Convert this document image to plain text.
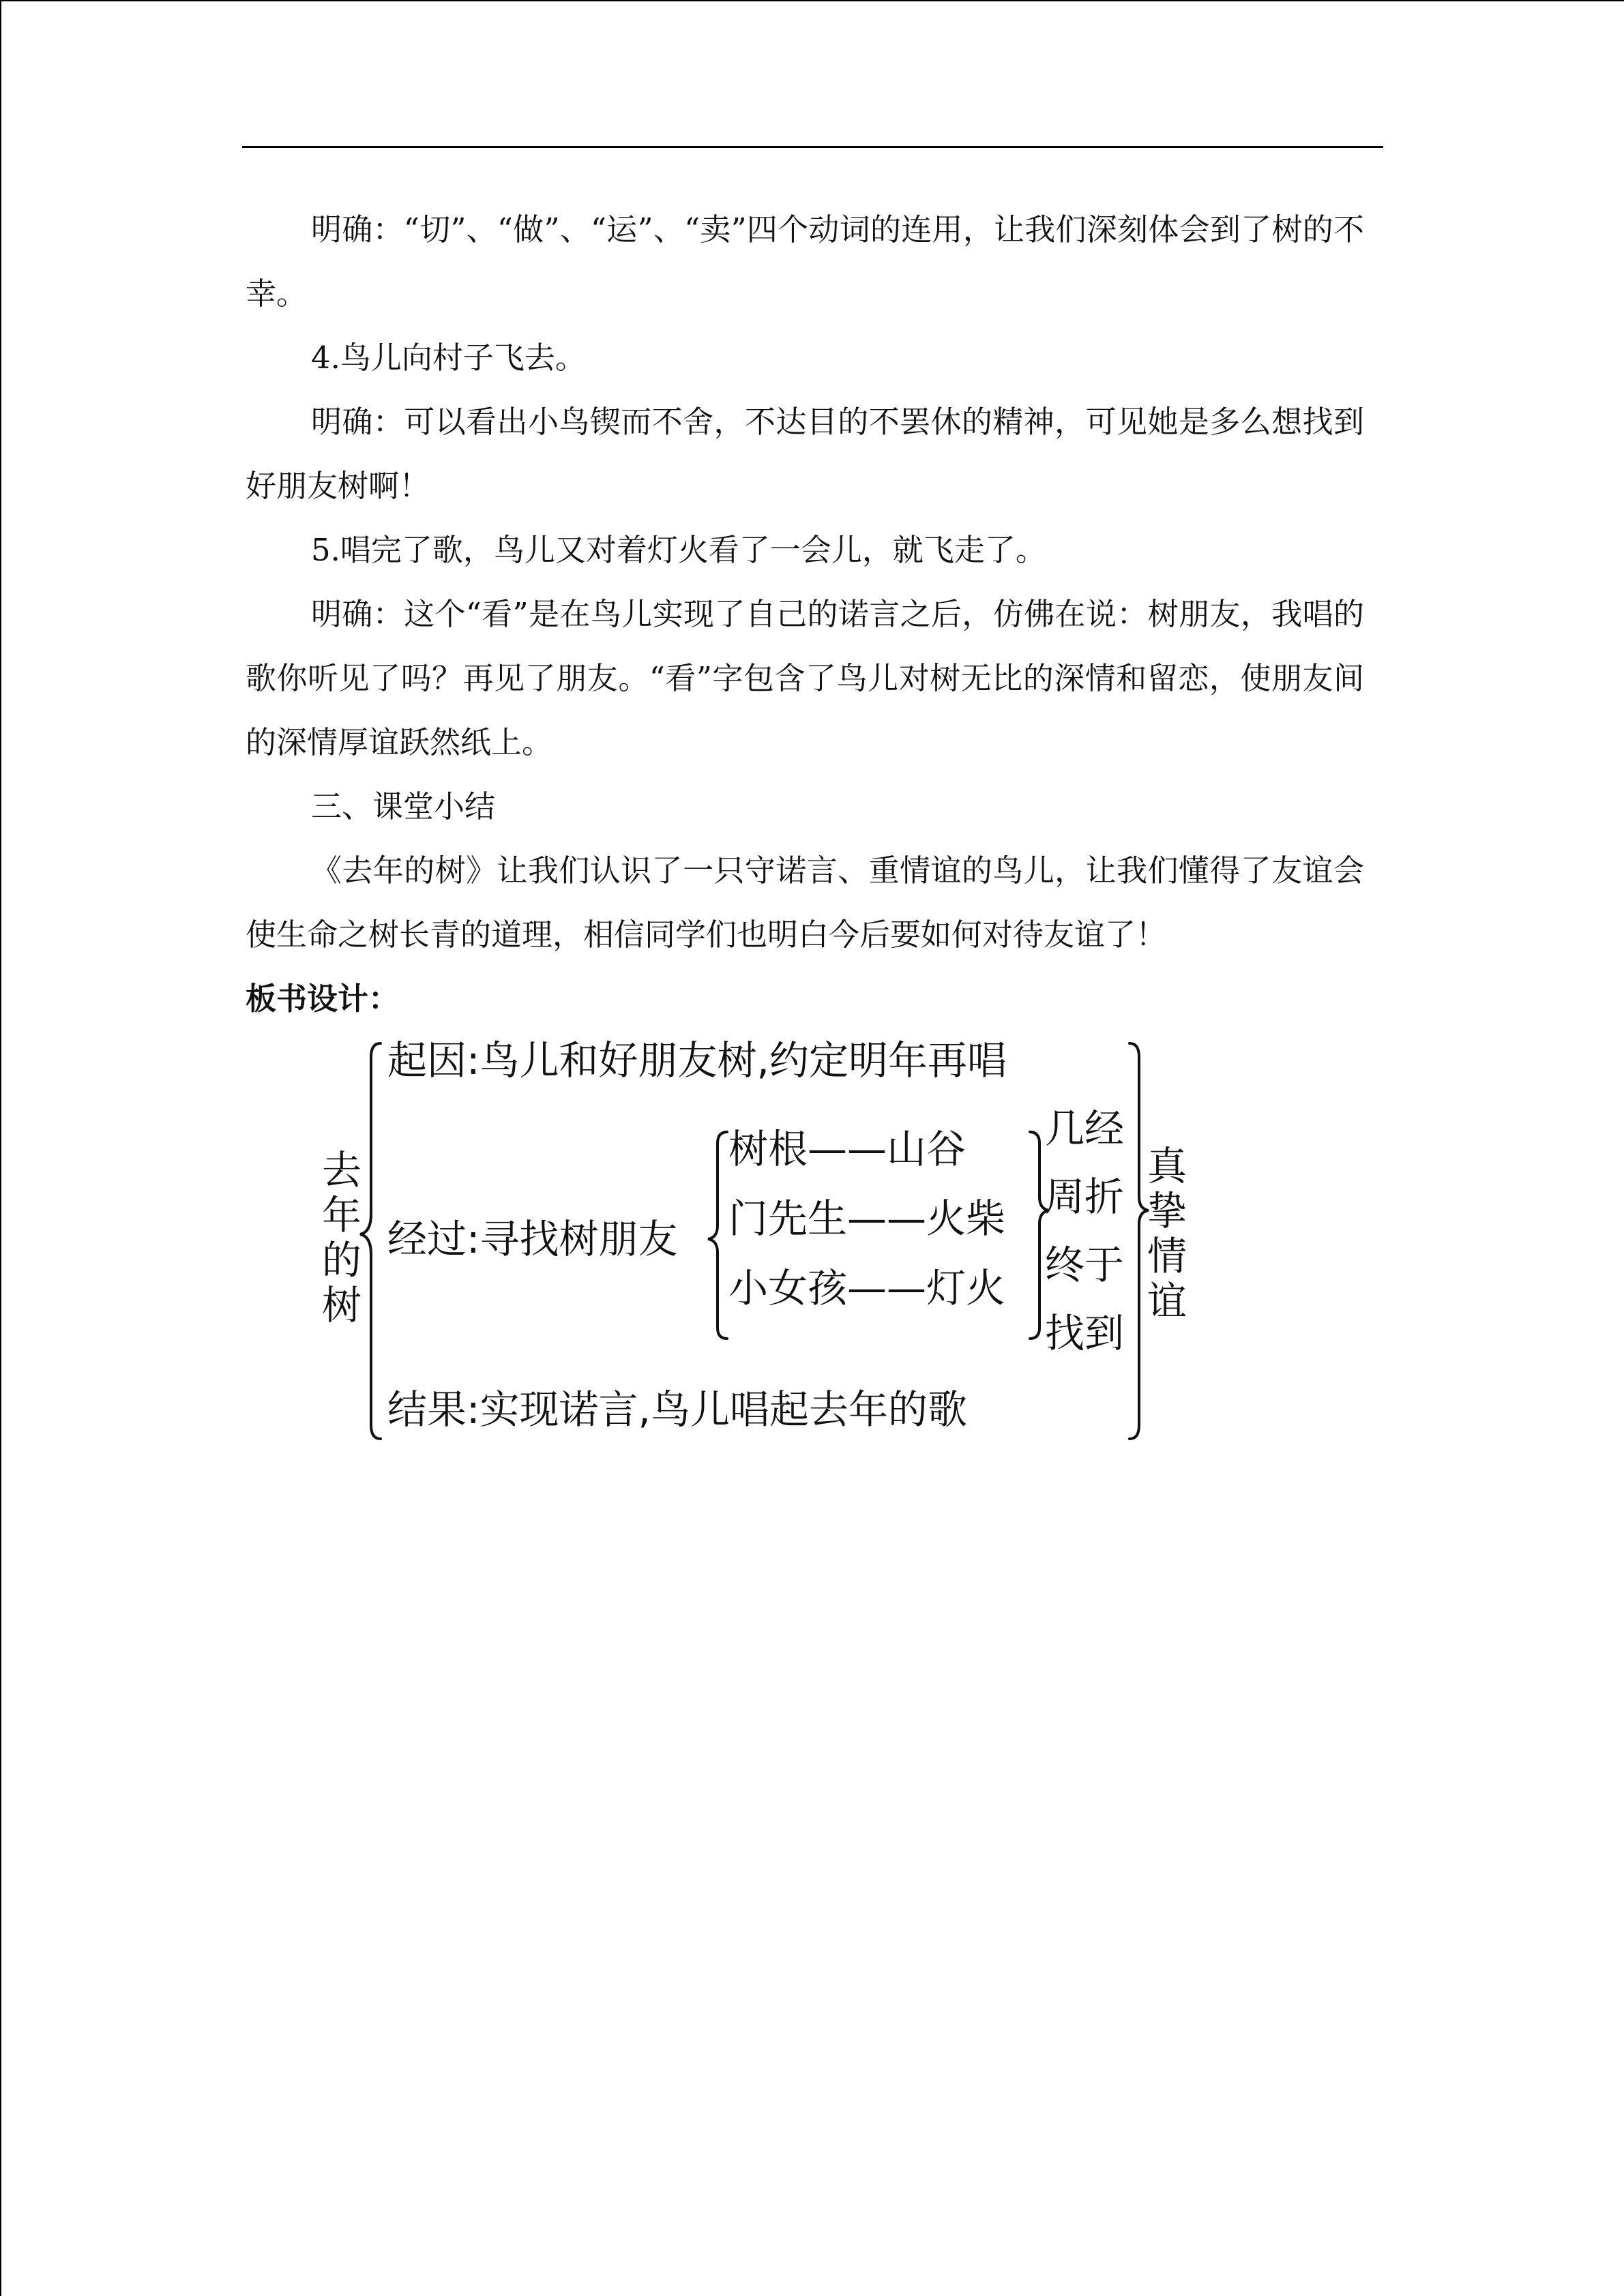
明确：“切”、“做”、“运”、“卖”四个动词的连用，让我们深刻体会到了树的不幸。

4.鸟儿向村子飞去。

明确：可以看出小鸟锲而不舍，不达目的不罢休的精神，可见她是多么想找到好朋友树啊！

5.唱完了歌，鸟儿又对着灯火看了一会儿，就飞走了。

明确：这个“看”是在鸟儿实现了自己的诺言之后，仿佛在说：树朋友，我唱的歌你听见了吗？再见了朋友。“看”字包含了鸟儿对树无比的深情和留恋，使朋友间的深情厚谊跃然纸上。

三、课堂小结

《去年的树》让我们认识了一只守诺言、重情谊的鸟儿，让我们懂得了友谊会使生命之树长青的道理，相信同学们也明白今后要如何对待友谊了！

板书设计：

去年的树

起因:鸟儿和好朋友树,约定明年再唱

经过:寻找树朋友

树根——山谷

门先生——火柴

小女孩——灯火

几经

周折

终于

找到

结果:实现诺言,鸟儿唱起去年的歌

真挚情谊
